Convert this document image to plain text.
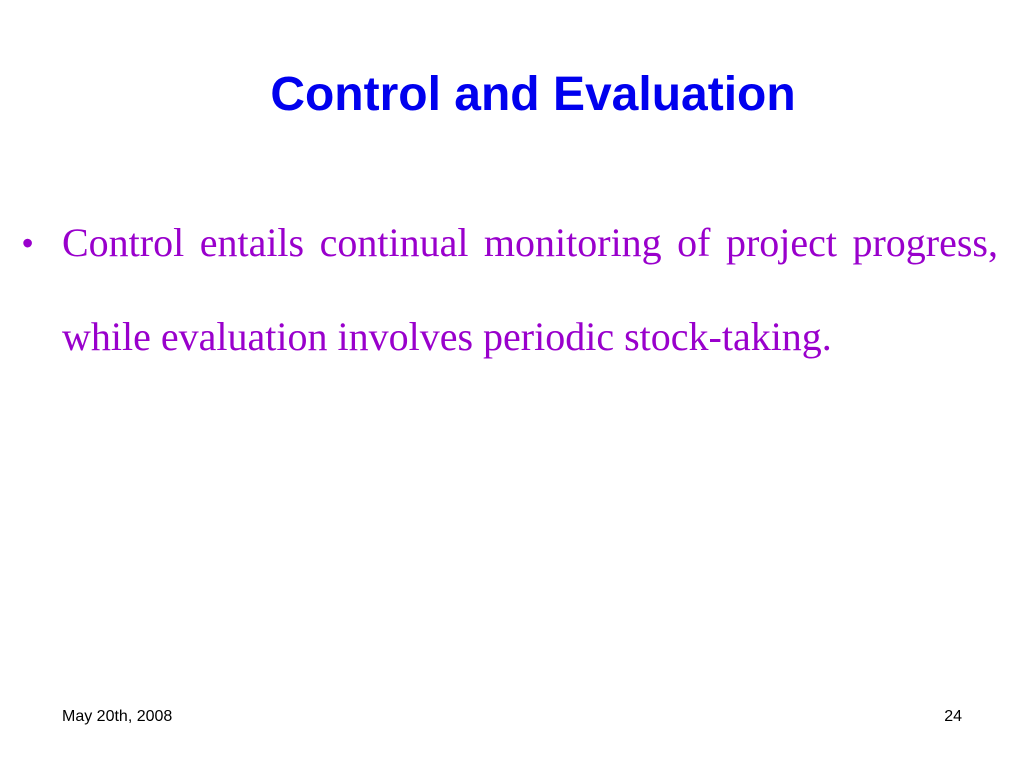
Control and Evaluation
• Control entails continual monitoring of project progress, while evaluation involves periodic stock-taking.
May 20th, 2008	24
